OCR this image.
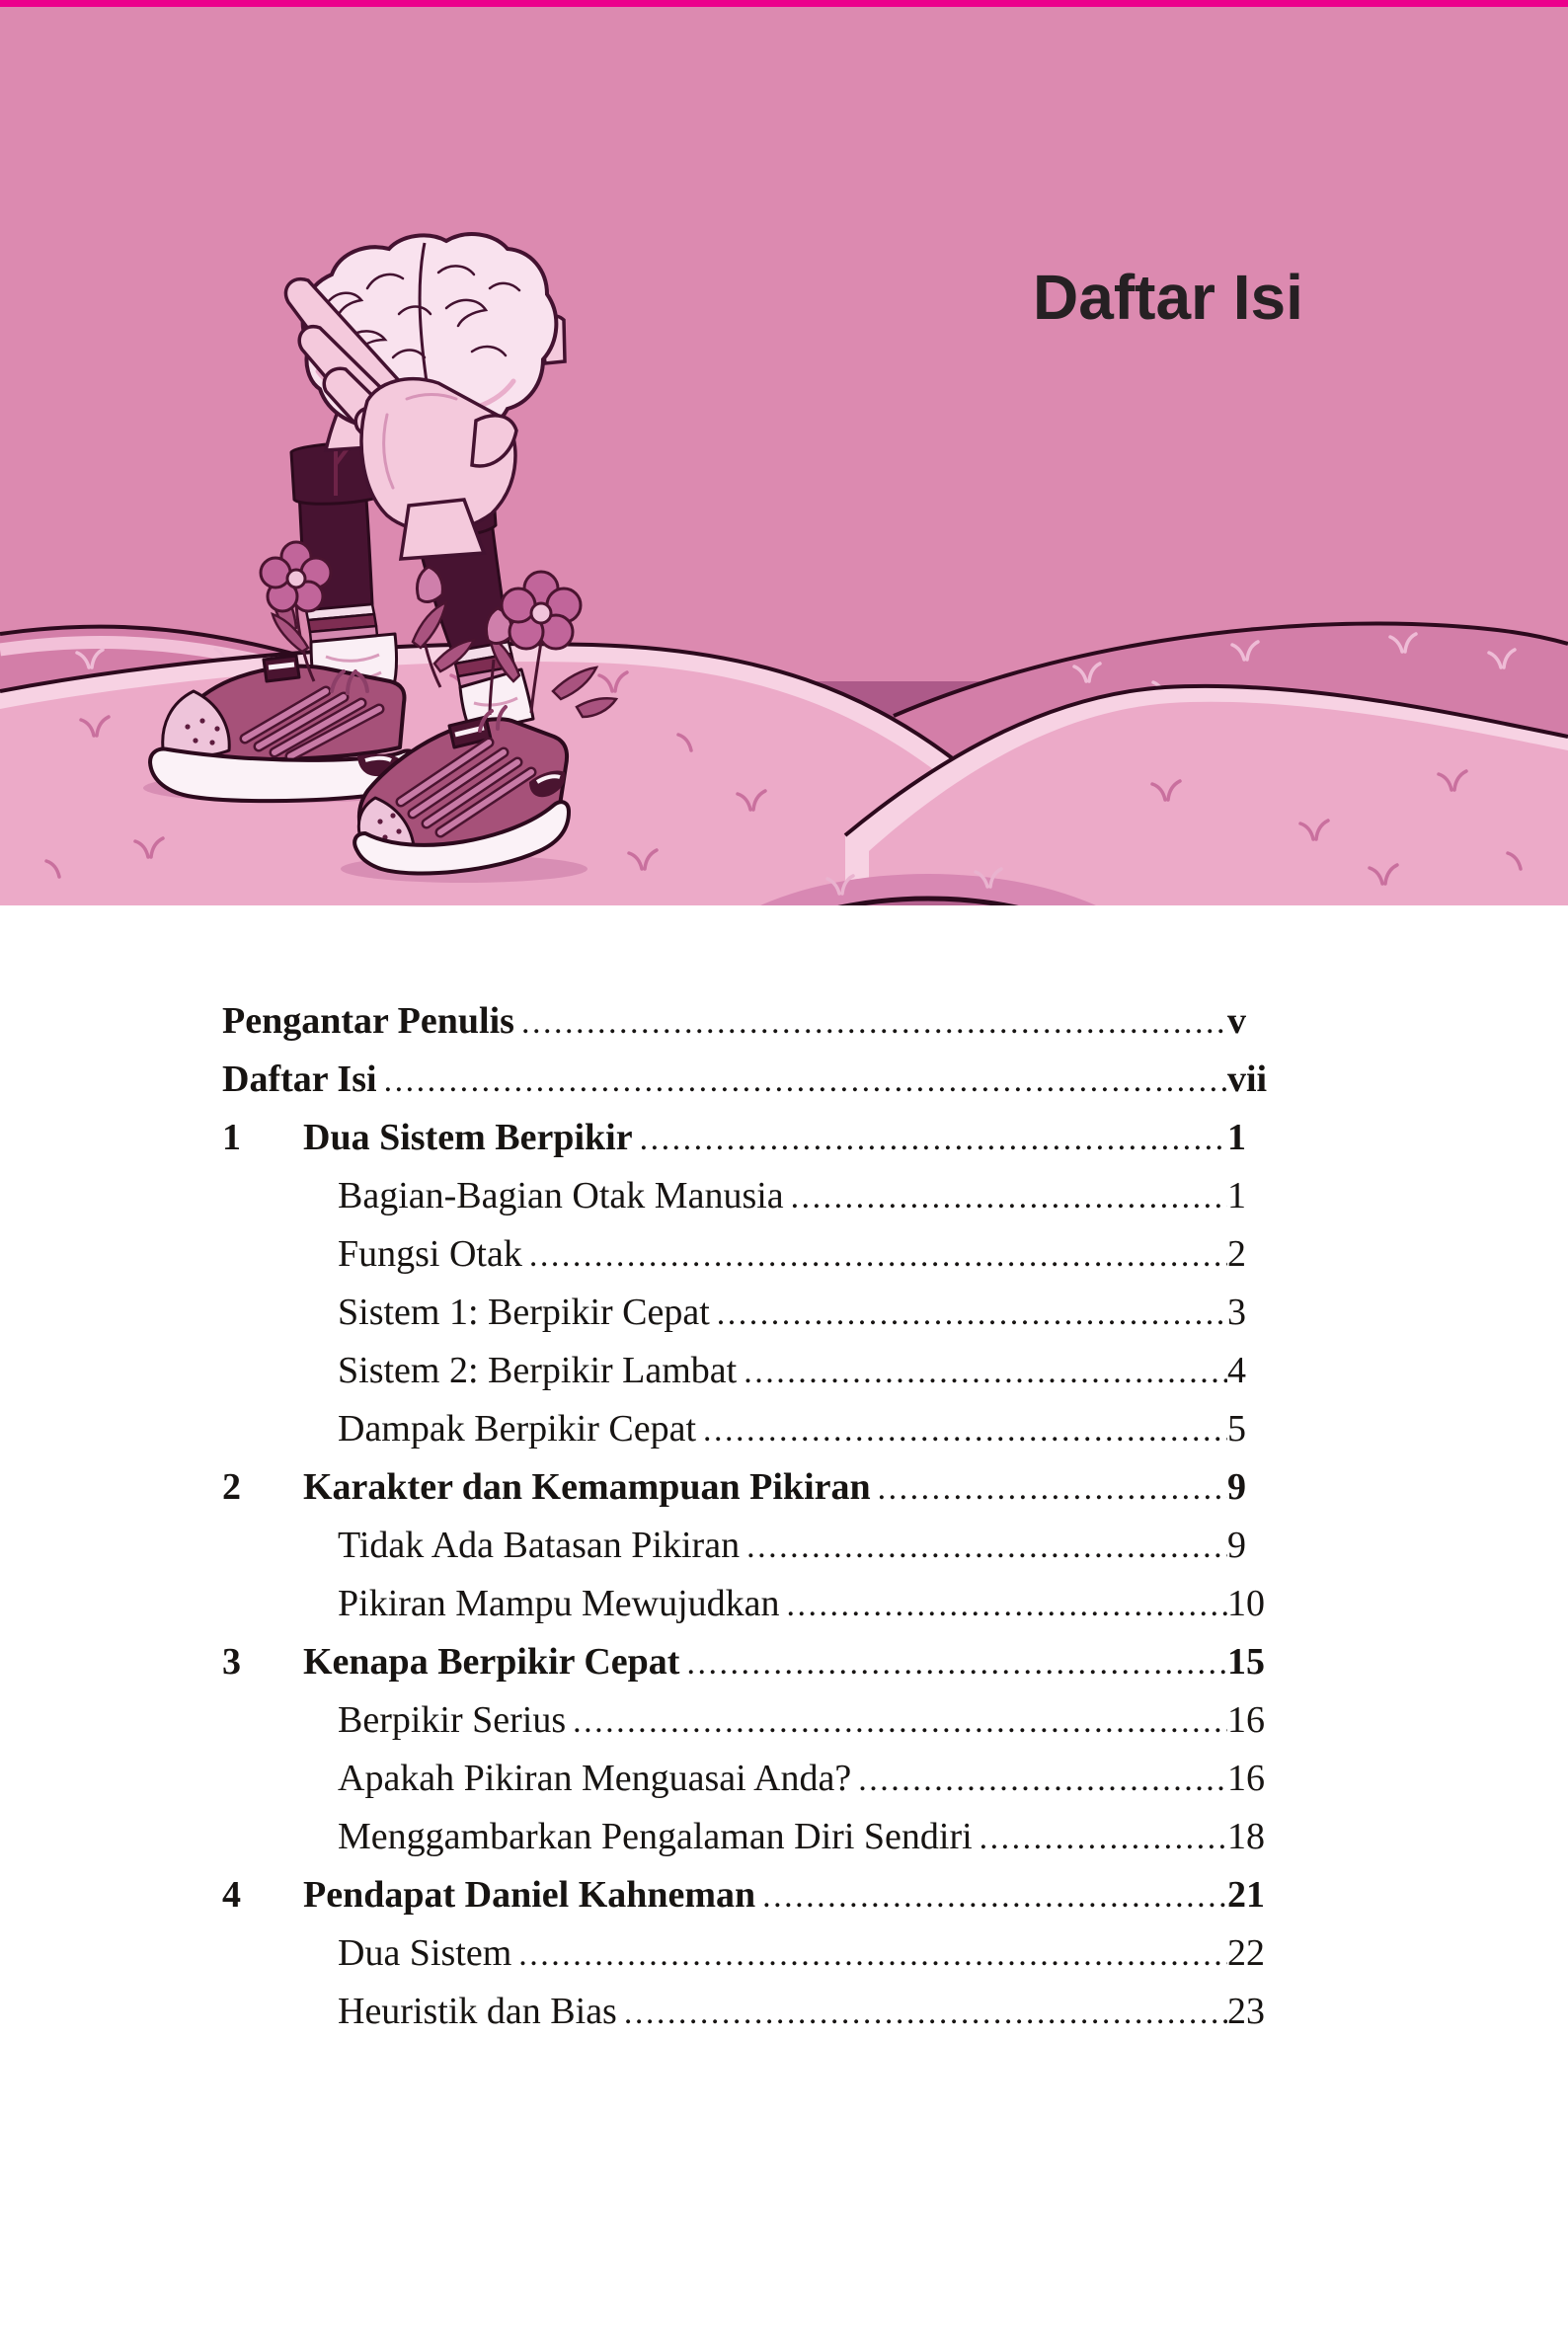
Daftar Isi
Pengantar Penulis .....	v
Daftar Isi .....	vii
1	Dua Sistem Berpikir .....	1
Bagian-Bagian Otak Manusia .....	1
Fungsi Otak .....	2
Sistem 1: Berpikir Cepat .....	3
Sistem 2: Berpikir Lambat .....	4
Dampak Berpikir Cepat .....	5
2	Karakter dan Kemampuan Pikiran .....	9
Tidak Ada Batasan Pikiran .....	9
Pikiran Mampu Mewujudkan .....	10
3	Kenapa Berpikir Cepat .....	15
Berpikir Serius .....	16
Apakah Pikiran Menguasai Anda? .....	16
Menggambarkan Pengalaman Diri Sendiri .....	18
4	Pendapat Daniel Kahneman .....	21
Dua Sistem .....	22
Heuristik dan Bias .....	23
